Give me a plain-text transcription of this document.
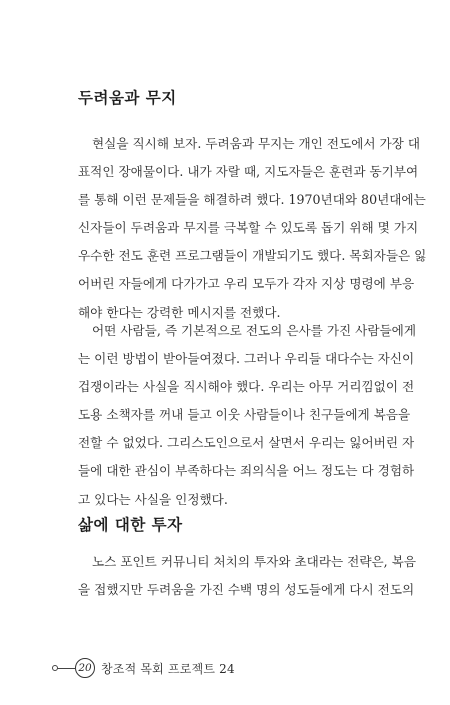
두려움과 무지

현실을 직시해 보자. 두려움과 무지는 개인 전도에서 가장 대
표적인 장애물이다. 내가 자랄 때, 지도자들은 훈련과 동기부여
를 통해 이런 문제들을 해결하려 했다. 1970년대와 80년대에는
신자들이 두려움과 무지를 극복할 수 있도록 돕기 위해 몇 가지
우수한 전도 훈련 프로그램들이 개발되기도 했다. 목회자들은 잃
어버린 자들에게 다가가고 우리 모두가 각자 지상 명령에 부응
해야 한다는 강력한 메시지를 전했다.

어떤 사람들, 즉 기본적으로 전도의 은사를 가진 사람들에게
는 이런 방법이 받아들여졌다. 그러나 우리들 대다수는 자신이
겁쟁이라는 사실을 직시해야 했다. 우리는 아무 거리낌없이 전
도용 소책자를 꺼내 들고 이웃 사람들이나 친구들에게 복음을
전할 수 없었다. 그리스도인으로서 살면서 우리는 잃어버린 자
들에 대한 관심이 부족하다는 죄의식을 어느 정도는 다 경험하
고 있다는 사실을 인정했다.

삶에 대한 투자

노스 포인트 커뮤니티 처치의 투자와 초대라는 전략은, 복음
을 접했지만 두려움을 가진 수백 명의 성도들에게 다시 전도의

20 창조적 목회 프로젝트 24
